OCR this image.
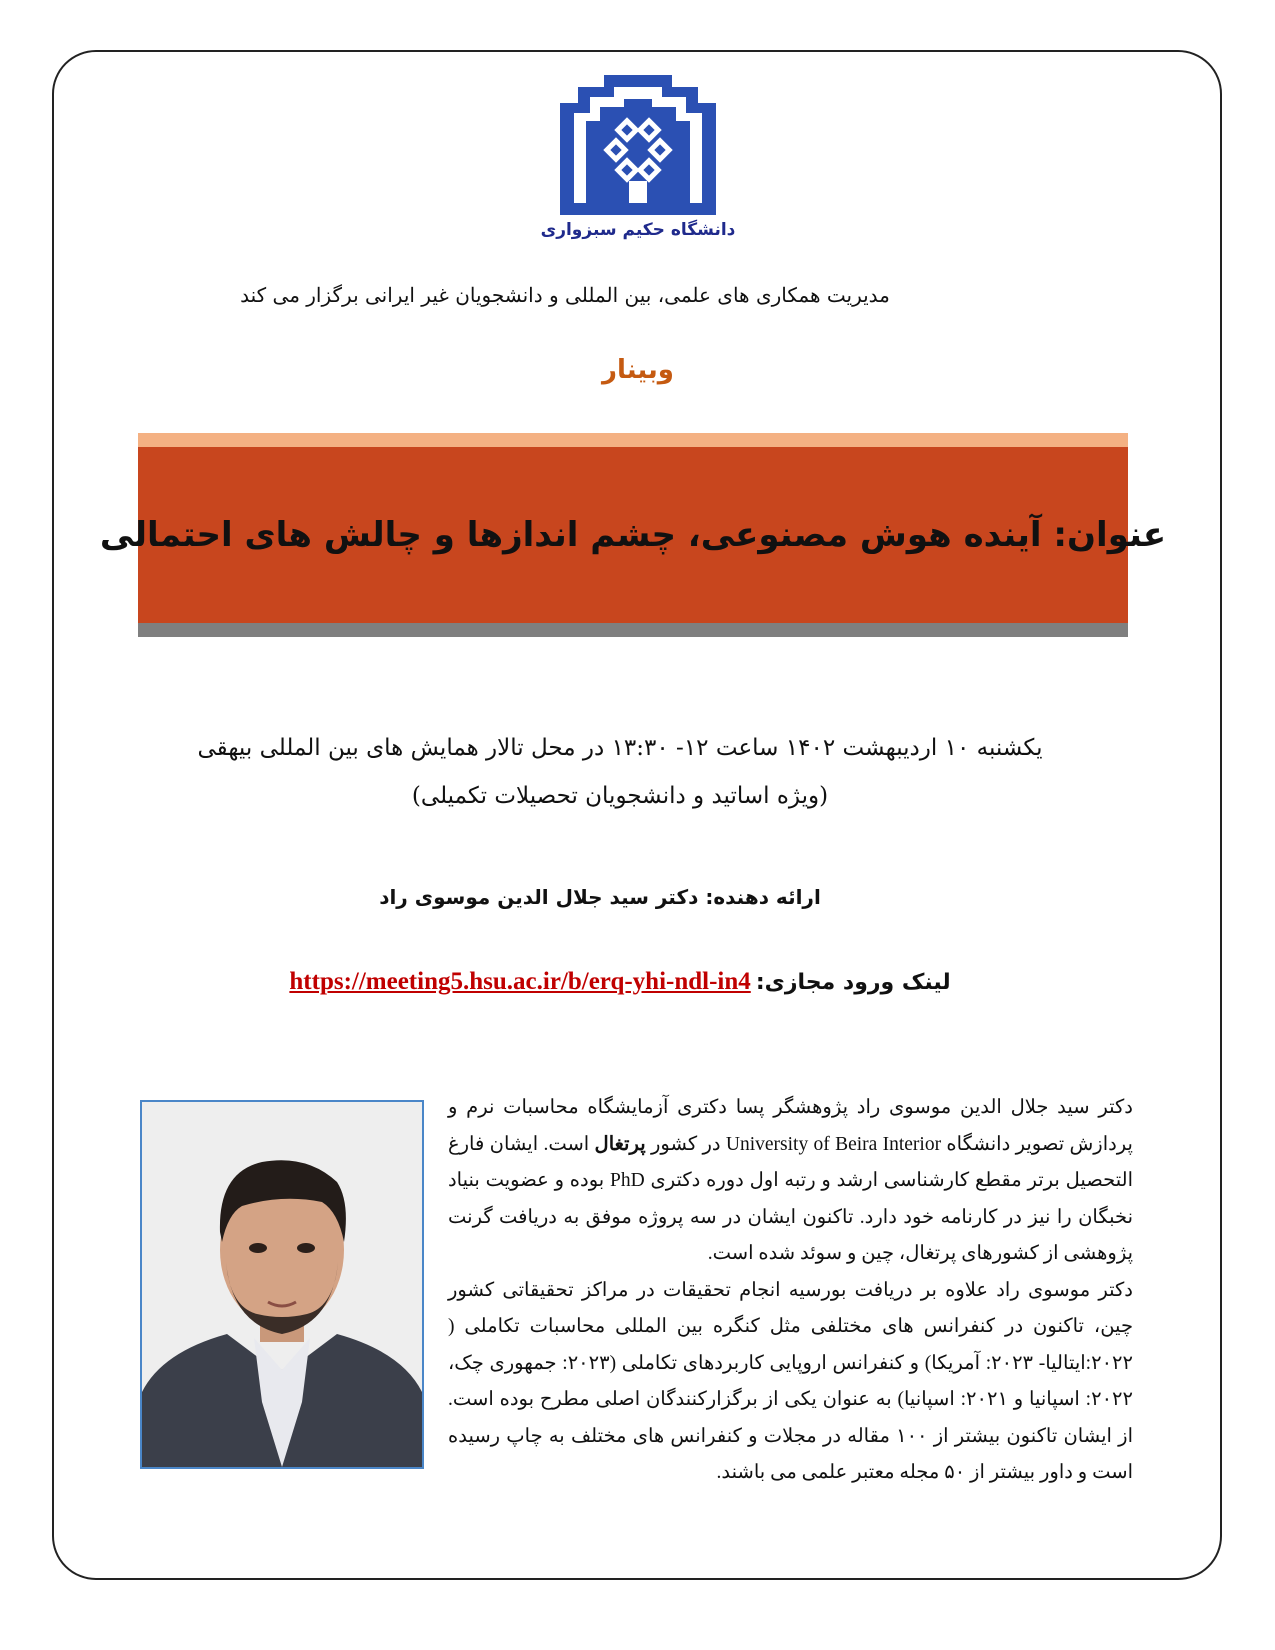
دانشگاه حکیم سبزواری
مدیریت همکاری های علمی، بین المللی و دانشجویان غیر ایرانی برگزار می کند
وبینار
عنوان: آینده هوش مصنوعی، چشم اندازها و چالش های احتمالی
یکشنبه ۱۰ اردیبهشت ۱۴۰۲ ساعت ۱۲- ۱۳:۳۰ در محل تالار همایش های بین المللی بیهقی
(ویژه اساتید و دانشجویان تحصیلات تکمیلی)
ارائه دهنده: دکتر سید جلال الدین موسوی راد
لینک ورود مجازی: https://meeting5.hsu.ac.ir/b/erq-yhi-ndl-in4

دکتر سید جلال الدین موسوی راد پژوهشگر پسا دکتری آزمایشگاه محاسبات نرم و پردازش تصویر دانشگاه University of Beira Interior در کشور پرتغال است. ایشان فارغ التحصیل برتر مقطع کارشناسی ارشد و رتبه اول دوره دکتری PhD بوده و عضویت بنیاد نخبگان را نیز در کارنامه خود دارد. تاکنون ایشان در سه پروژه موفق به دریافت گرنت پژوهشی از کشورهای پرتغال، چین و سوئد شده است.

دکتر موسوی راد علاوه بر دریافت بورسیه انجام تحقیقات در مراکز تحقیقاتی کشور چین، تاکنون در کنفرانس های مختلفی مثل کنگره بین المللی محاسبات تکاملی ( ۲۰۲۲:ایتالیا- ۲۰۲۳: آمریکا) و کنفرانس اروپایی کاربردهای تکاملی (۲۰۲۳: جمهوری چک، ۲۰۲۲: اسپانیا و ۲۰۲۱: اسپانیا) به عنوان یکی از برگزارکنندگان اصلی مطرح بوده است. از ایشان تاکنون بیشتر از ۱۰۰ مقاله در مجلات و کنفرانس های مختلف به چاپ رسیده است و داور بیشتر از ۵۰ مجله معتبر علمی می باشند.
